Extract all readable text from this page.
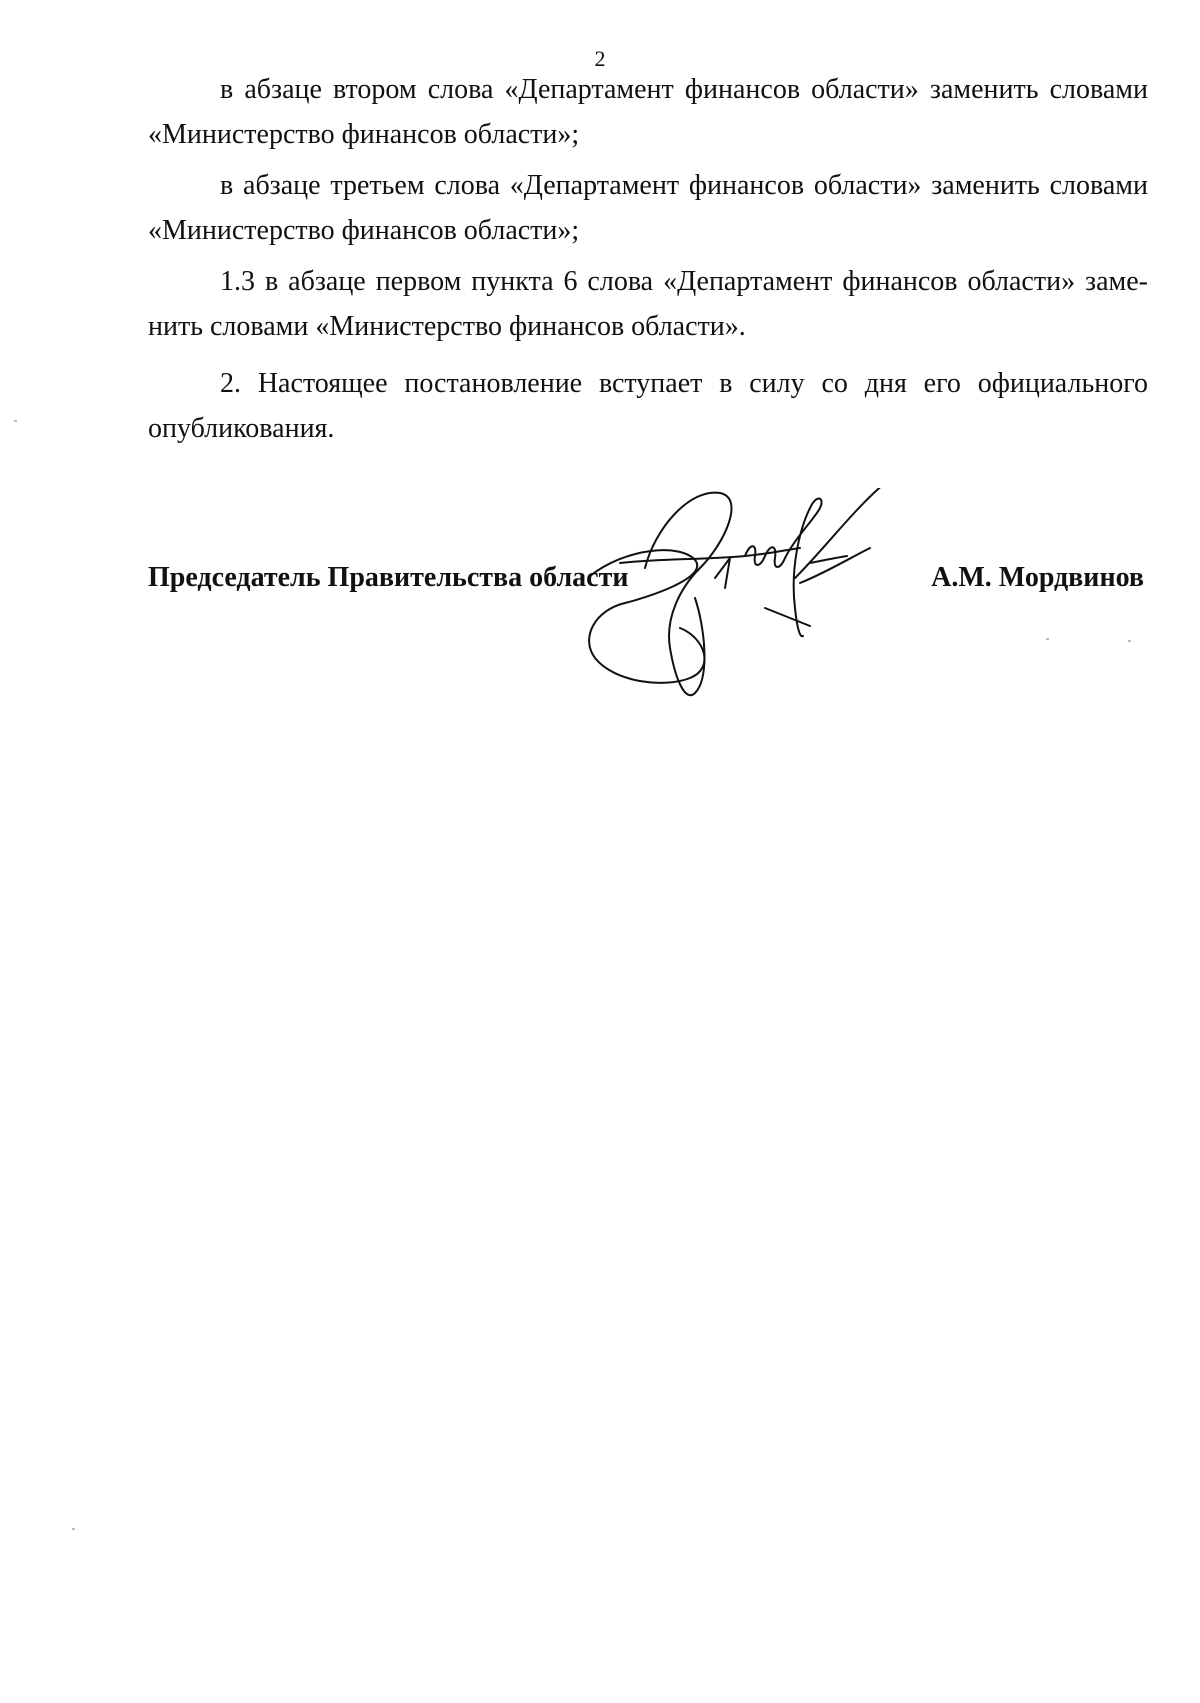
2
в абзаце втором слова «Департамент финансов области» заменить словами
«Министерство финансов области»;
в абзаце третьем слова «Департамент финансов области» заменить словами
«Министерство финансов области»;
1.3 в абзаце первом пункта 6 слова «Департамент финансов области» заме-
нить словами «Министерство финансов области».
2. Настоящее постановление вступает в силу со дня его официального
опубликования.
Председатель Правительства области	А.М. Мордвинов
